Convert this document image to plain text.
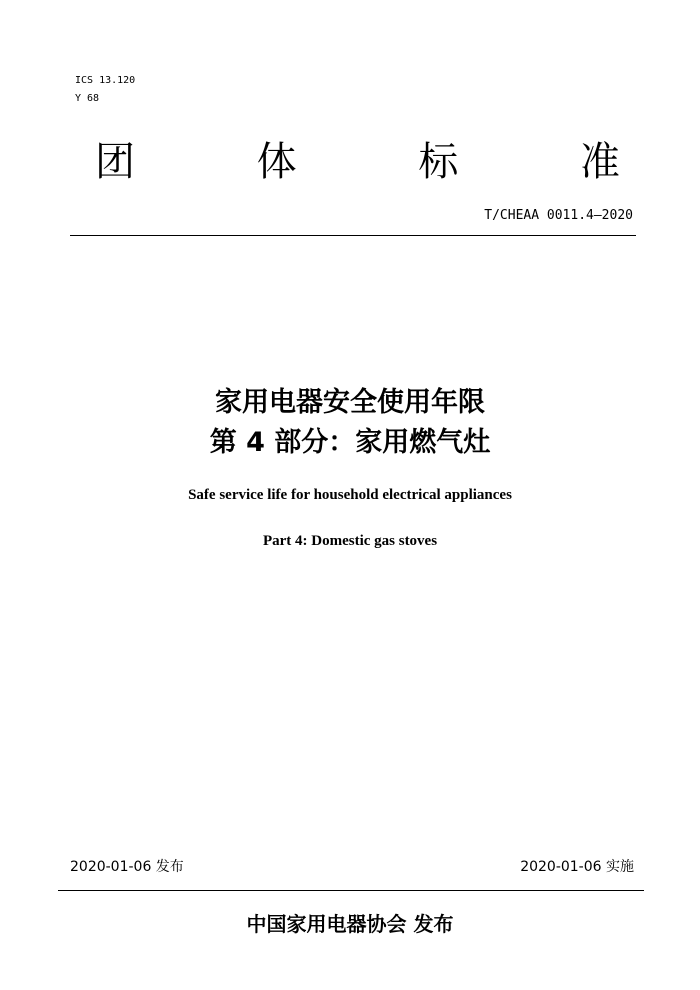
ICS 13.120
Y 68
团	体	标	准
T/CHEAA 0011.4—2020
家用电器安全使用年限
第 4 部分：家用燃气灶
Safe service life for household electrical appliances
Part 4: Domestic gas stoves
2020-01-06 发布	2020-01-06 实施
中国家用电器协会 发布
